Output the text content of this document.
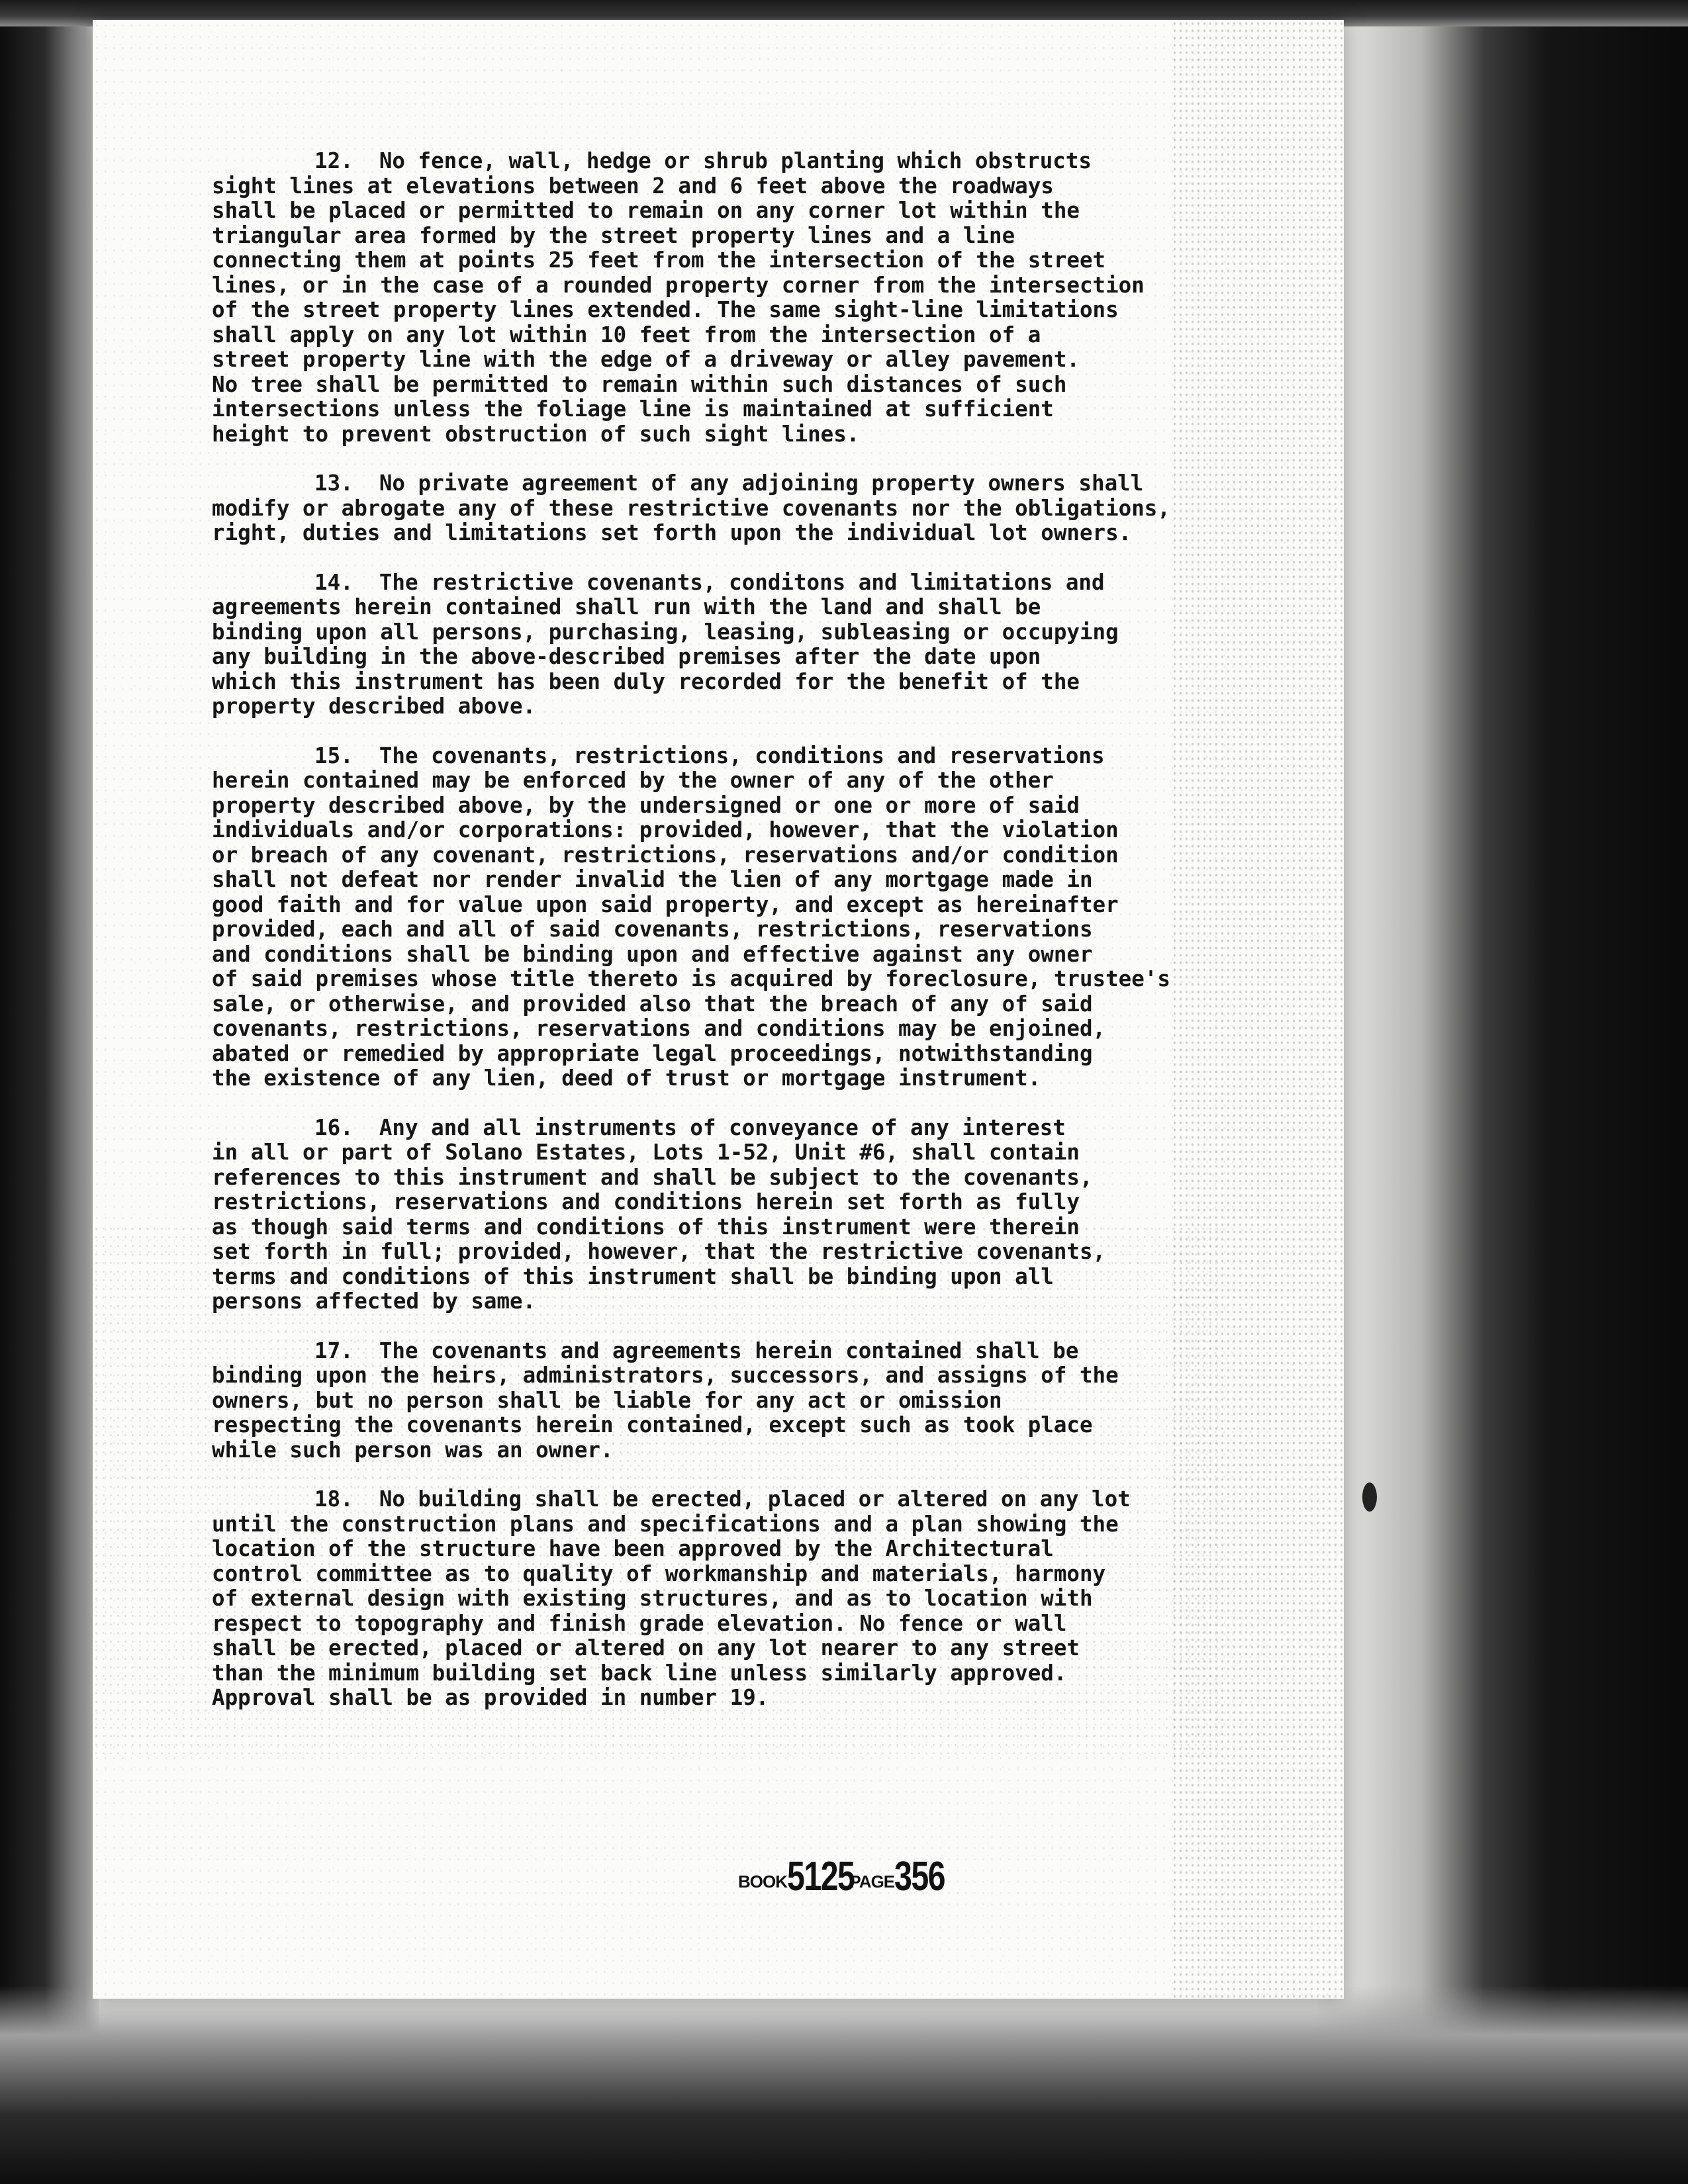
12.  No fence, wall, hedge or shrub planting which obstructs
sight lines at elevations between 2 and 6 feet above the roadways
shall be placed or permitted to remain on any corner lot within the
triangular area formed by the street property lines and a line
connecting them at points 25 feet from the intersection of the street
lines, or in the case of a rounded property corner from the intersection
of the street property lines extended. The same sight-line limitations
shall apply on any lot within 10 feet from the intersection of a
street property line with the edge of a driveway or alley pavement.
No tree shall be permitted to remain within such distances of such
intersections unless the foliage line is maintained at sufficient
height to prevent obstruction of such sight lines.
13.  No private agreement of any adjoining property owners shall
modify or abrogate any of these restrictive covenants nor the obligations,
right, duties and limitations set forth upon the individual lot owners.
14.  The restrictive covenants, conditons and limitations and
agreements herein contained shall run with the land and shall be
binding upon all persons, purchasing, leasing, subleasing or occupying
any building in the above-described premises after the date upon
which this instrument has been duly recorded for the benefit of the
property described above.
15.  The covenants, restrictions, conditions and reservations
herein contained may be enforced by the owner of any of the other
property described above, by the undersigned or one or more of said
individuals and/or corporations: provided, however, that the violation
or breach of any covenant, restrictions, reservations and/or condition
shall not defeat nor render invalid the lien of any mortgage made in
good faith and for value upon said property, and except as hereinafter
provided, each and all of said covenants, restrictions, reservations
and conditions shall be binding upon and effective against any owner
of said premises whose title thereto is acquired by foreclosure, trustee's
sale, or otherwise, and provided also that the breach of any of said
covenants, restrictions, reservations and conditions may be enjoined,
abated or remedied by appropriate legal proceedings, notwithstanding
the existence of any lien, deed of trust or mortgage instrument.
16.  Any and all instruments of conveyance of any interest
in all or part of Solano Estates, Lots 1-52, Unit #6, shall contain
references to this instrument and shall be subject to the covenants,
restrictions, reservations and conditions herein set forth as fully
as though said terms and conditions of this instrument were therein
set forth in full; provided, however, that the restrictive covenants,
terms and conditions of this instrument shall be binding upon all
persons affected by same.
17.  The covenants and agreements herein contained shall be
binding upon the heirs, administrators, successors, and assigns of the
owners, but no person shall be liable for any act or omission
respecting the covenants herein contained, except such as took place
while such person was an owner.
18.  No building shall be erected, placed or altered on any lot
until the construction plans and specifications and a plan showing the
location of the structure have been approved by the Architectural
control committee as to quality of workmanship and materials, harmony
of external design with existing structures, and as to location with
respect to topography and finish grade elevation. No fence or wall
shall be erected, placed or altered on any lot nearer to any street
than the minimum building set back line unless similarly approved.
Approval shall be as provided in number 19.
BOOK5125 PAGE356
